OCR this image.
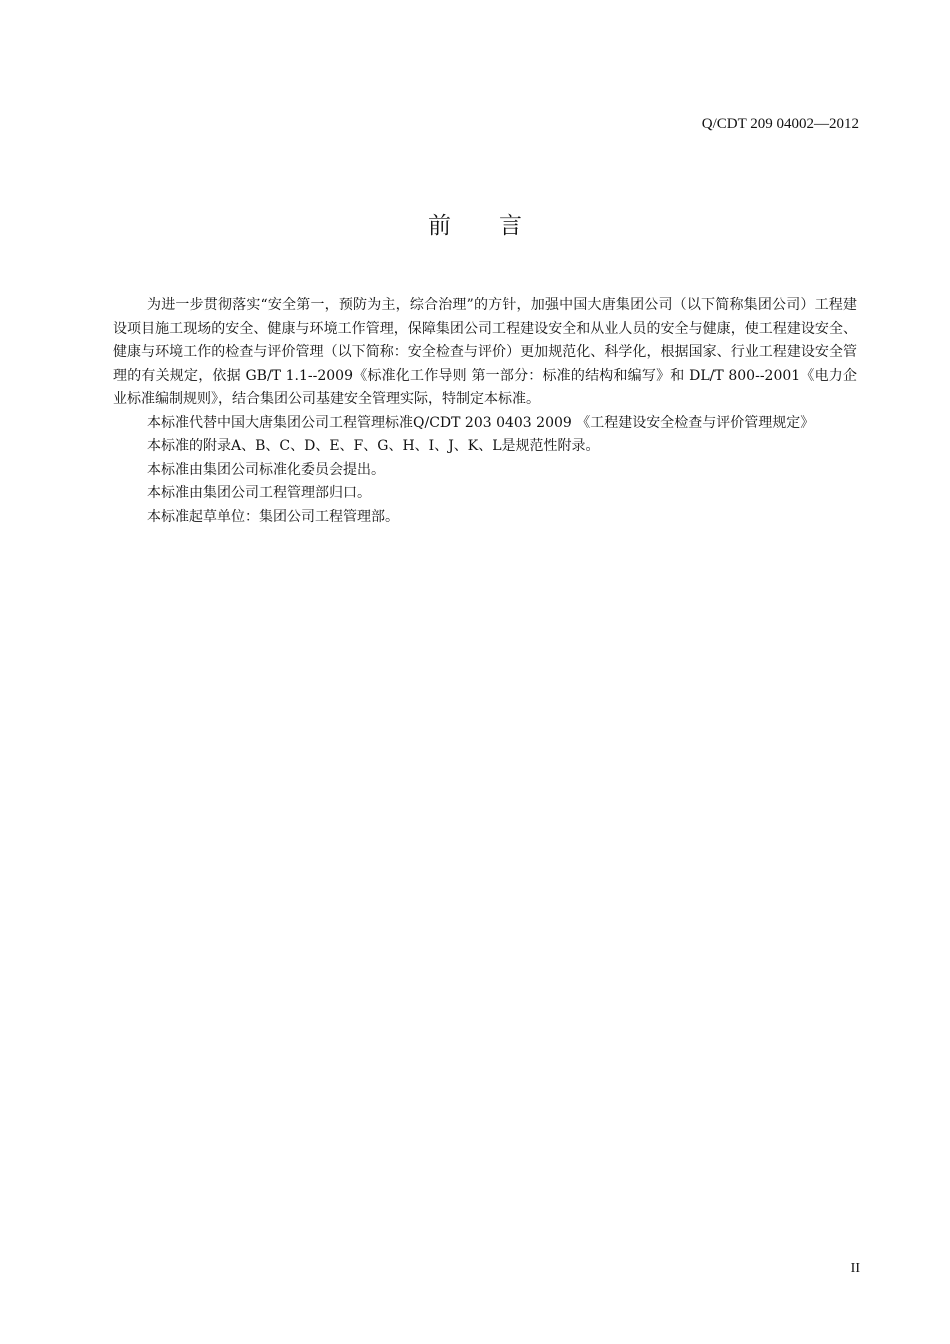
Q/CDT 209 04002—2012
前言

为进一步贯彻落实“安全第一，预防为主，综合治理”的方针，加强中国大唐集团公司（以下简称集团公司）工程建设项目施工现场的安全、健康与环境工作管理，保障集团公司工程建设安全和从业人员的安全与健康，使工程建设安全、健康与环境工作的检查与评价管理（以下简称：安全检查与评价）更加规范化、科学化，根据国家、行业工程建设安全管理的有关规定，依据 GB/T 1.1--2009《标准化工作导则 第一部分：标准的结构和编写》和 DL/T 800--2001《电力企业标准编制规则》，结合集团公司基建安全管理实际，特制定本标准。

本标准代替中国大唐集团公司工程管理标准Q/CDT 203 0403 2009 《工程建设安全检查与评价管理规定》

本标准的附录A、B、C、D、E、F、G、H、I、J、K、L是规范性附录。

本标准由集团公司标准化委员会提出。

本标准由集团公司工程管理部归口。

本标准起草单位：集团公司工程管理部。

II
